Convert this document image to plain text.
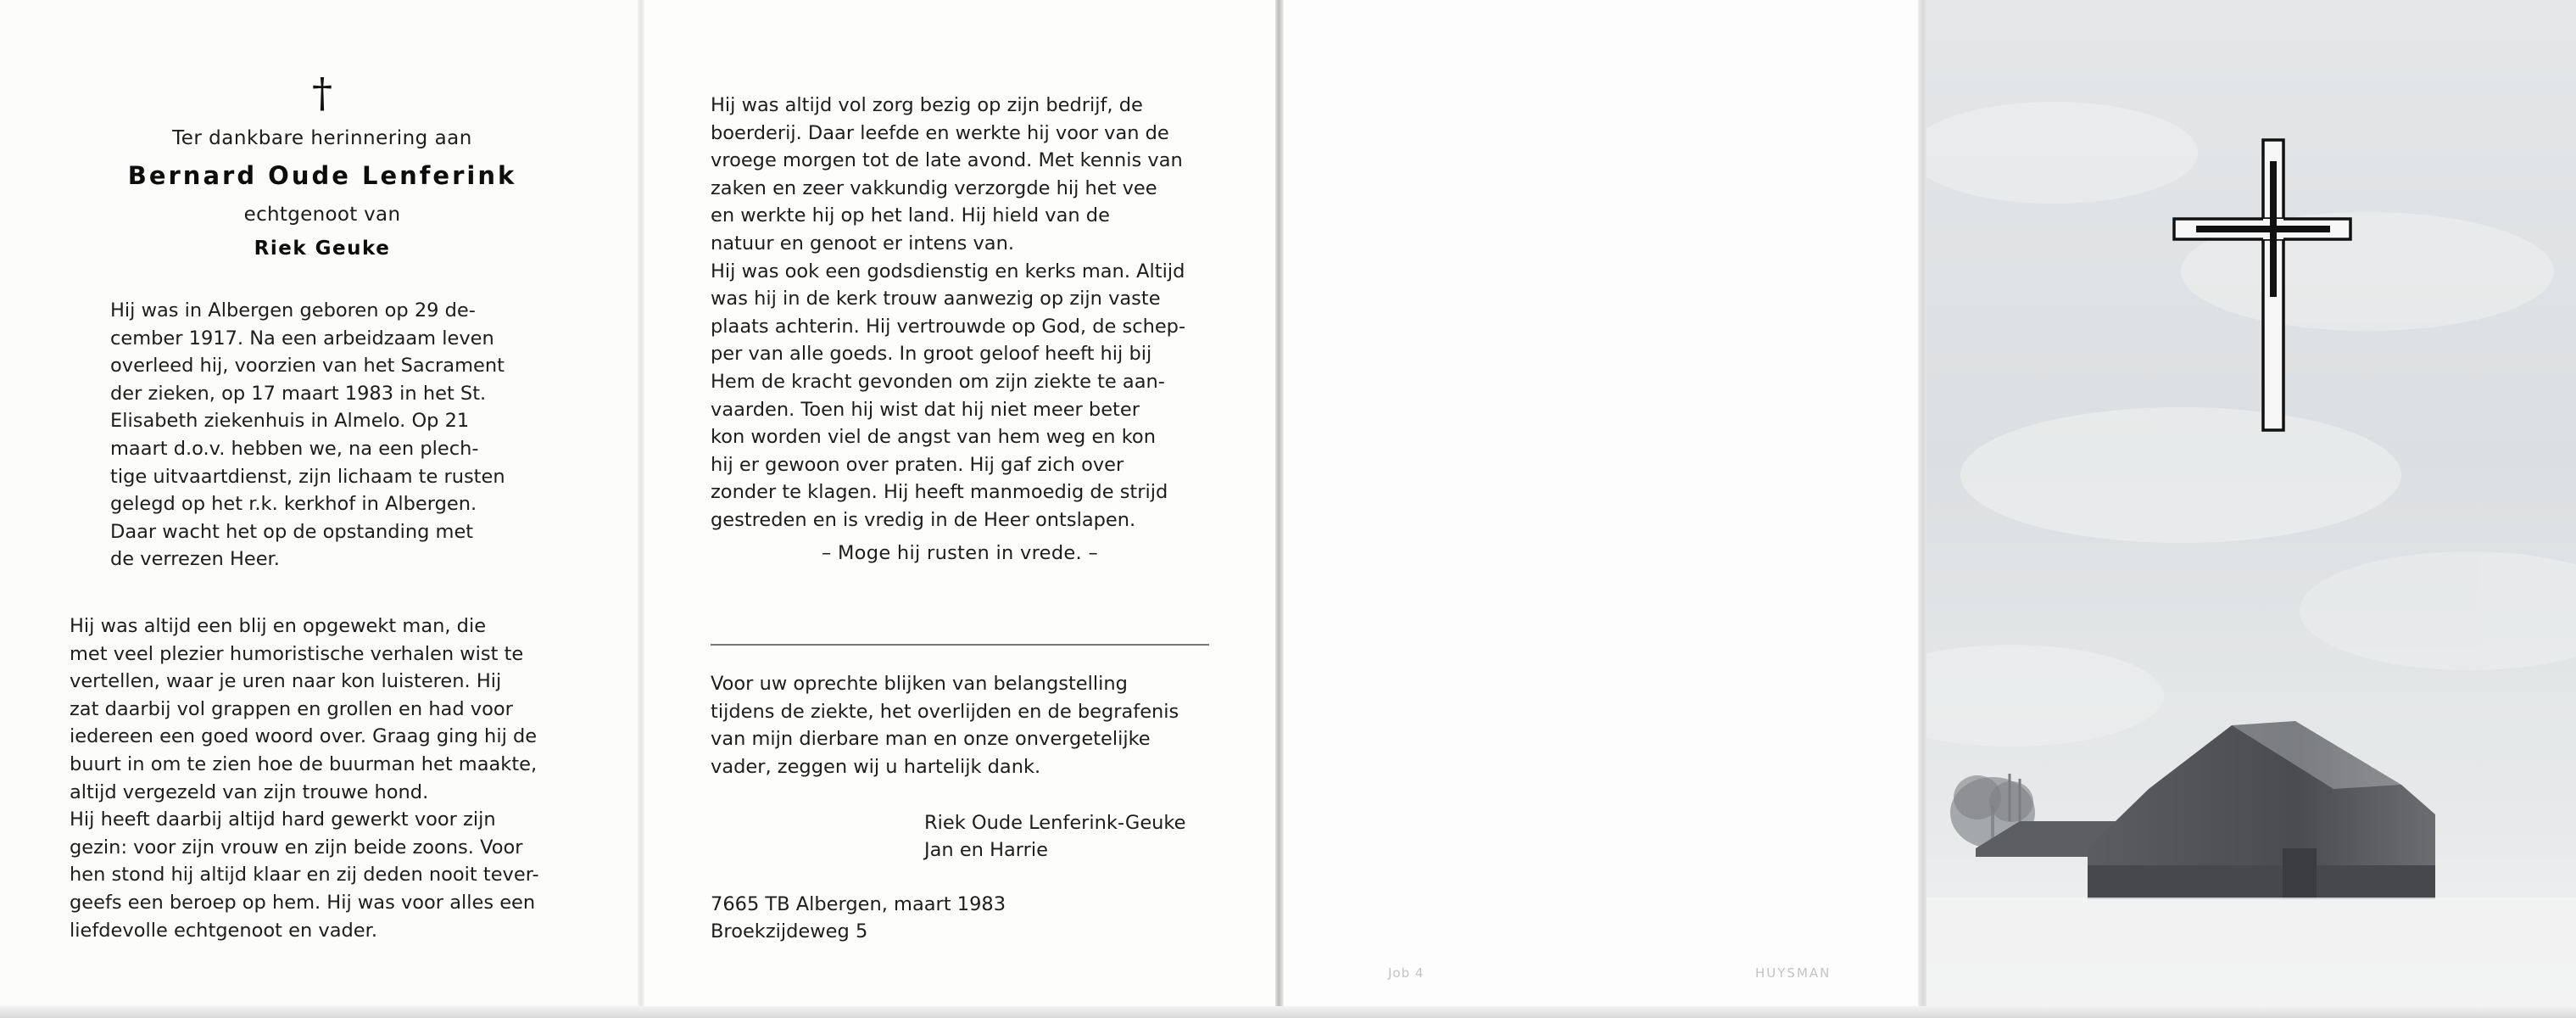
†
Ter dankbare herinnering aan
Bernard Oude Lenferink
echtgenoot van
Riek Geuke

Hij was in Albergen geboren op 29 de-

cember 1917. Na een arbeidzaam leven

overleed hij, voorzien van het Sacrament

der zieken, op 17 maart 1983 in het St.

Elisabeth ziekenhuis in Almelo. Op 21

maart d.o.v. hebben we, na een plech-

tige uitvaartdienst, zijn lichaam te rusten

gelegd op het r.k. kerkhof in Albergen.

Daar wacht het op de opstanding met

de verrezen Heer.

Hij was altijd een blij en opgewekt man, die

met veel plezier humoristische verhalen wist te

vertellen, waar je uren naar kon luisteren. Hij

zat daarbij vol grappen en grollen en had voor

iedereen een goed woord over. Graag ging hij de

buurt in om te zien hoe de buurman het maakte,

altijd vergezeld van zijn trouwe hond.

Hij heeft daarbij altijd hard gewerkt voor zijn

gezin: voor zijn vrouw en zijn beide zoons. Voor

hen stond hij altijd klaar en zij deden nooit tever-

geefs een beroep op hem. Hij was voor alles een

liefdevolle echtgenoot en vader.

Hij was altijd vol zorg bezig op zijn bedrijf, de

boerderij. Daar leefde en werkte hij voor van de

vroege morgen tot de late avond. Met kennis van

zaken en zeer vakkundig verzorgde hij het vee

en werkte hij op het land. Hij hield van de

natuur en genoot er intens van.

Hij was ook een godsdienstig en kerks man. Altijd

was hij in de kerk trouw aanwezig op zijn vaste

plaats achterin. Hij vertrouwde op God, de schep-

per van alle goeds. In groot geloof heeft hij bij

Hem de kracht gevonden om zijn ziekte te aan-

vaarden. Toen hij wist dat hij niet meer beter

kon worden viel de angst van hem weg en kon

hij er gewoon over praten. Hij gaf zich over

zonder te klagen. Hij heeft manmoedig de strijd

gestreden en is vredig in de Heer ontslapen.

– Moge hij rusten in vrede. –

Voor uw oprechte blijken van belangstelling

tijdens de ziekte, het overlijden en de begrafenis

van mijn dierbare man en onze onvergetelijke

vader, zeggen wij u hartelijk dank.

Riek Oude Lenferink-Geuke
Jan en Harrie
7665 TB Albergen, maart 1983
Broekzijdeweg 5
Job 4	HUYSMAN
